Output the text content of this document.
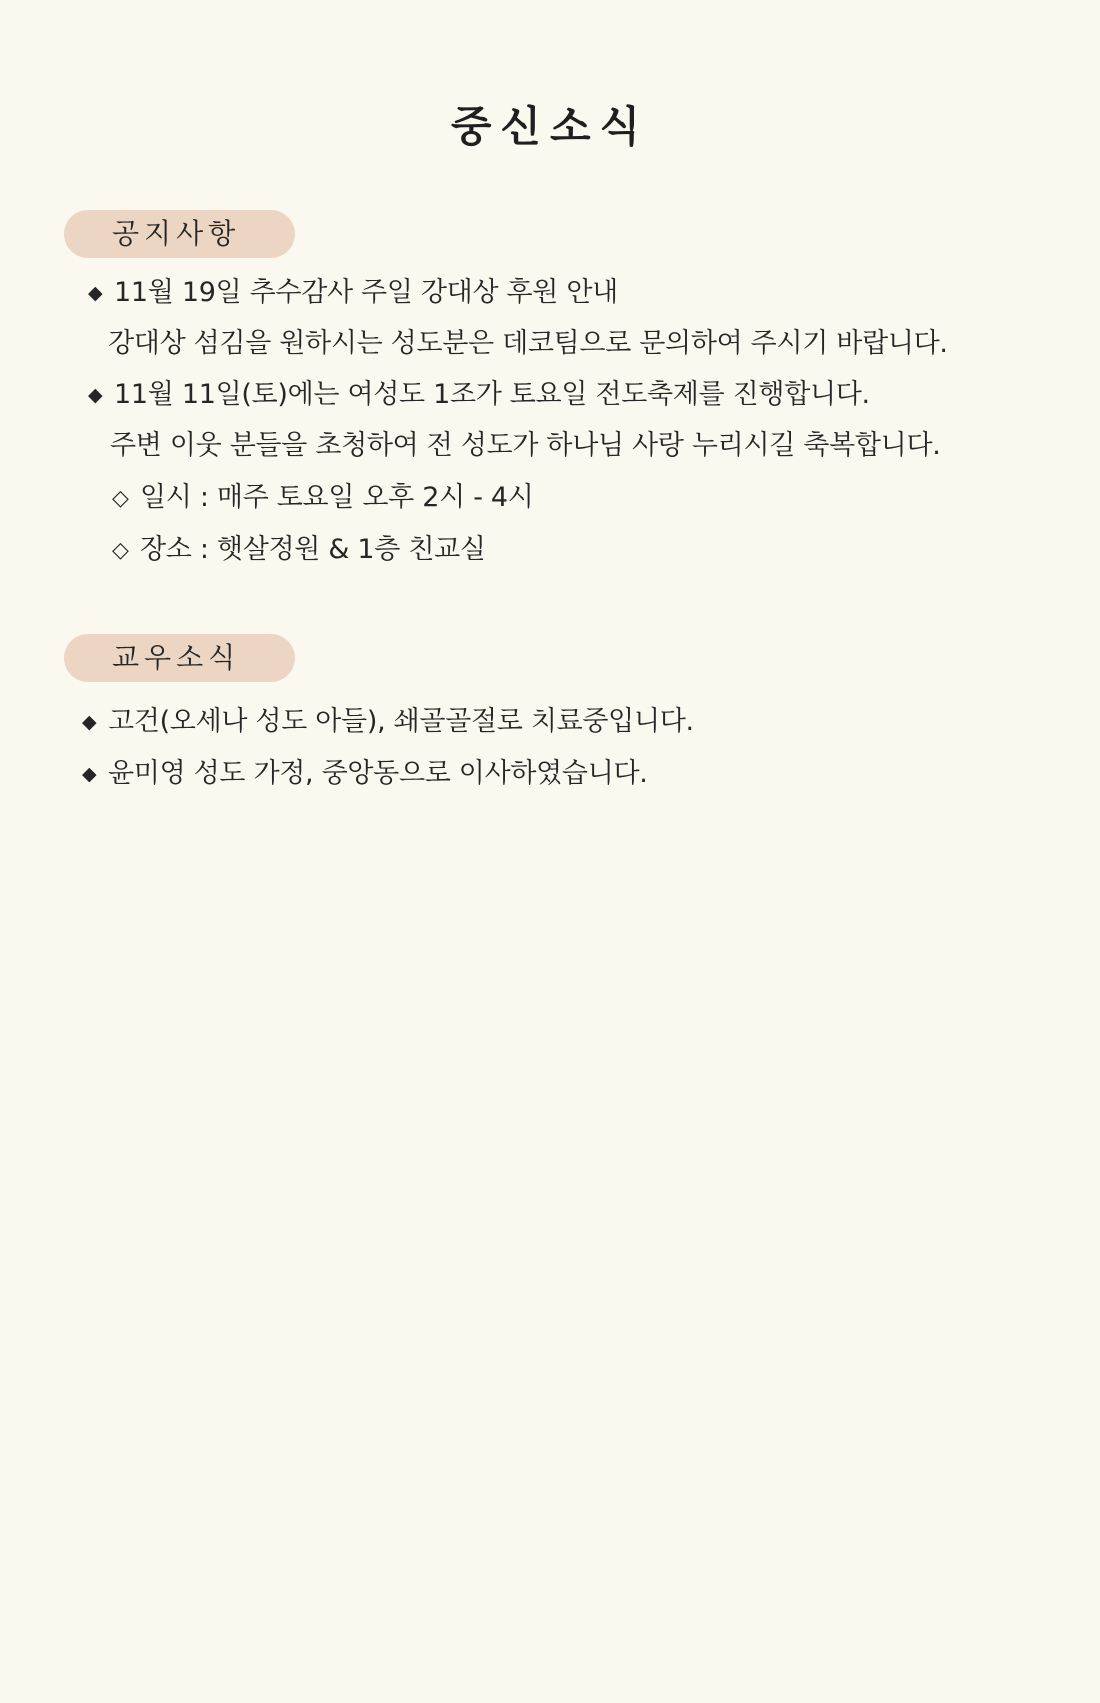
중신소식
공지사항
◆ 11월 19일 추수감사 주일 강대상 후원 안내
강대상 섬김을 원하시는 성도분은 데코팀으로 문의하여 주시기 바랍니다.
◆ 11월 11일(토)에는 여성도 1조가 토요일 전도축제를 진행합니다.
주변 이웃 분들을 초청하여 전 성도가 하나님 사랑 누리시길 축복합니다.
◇ 일시 : 매주 토요일 오후 2시 - 4시
◇ 장소 : 햇살정원 & 1층 친교실
교우소식
◆ 고건(오세나 성도 아들), 쇄골골절로 치료중입니다.
◆ 윤미영 성도 가정, 중앙동으로 이사하였습니다.
